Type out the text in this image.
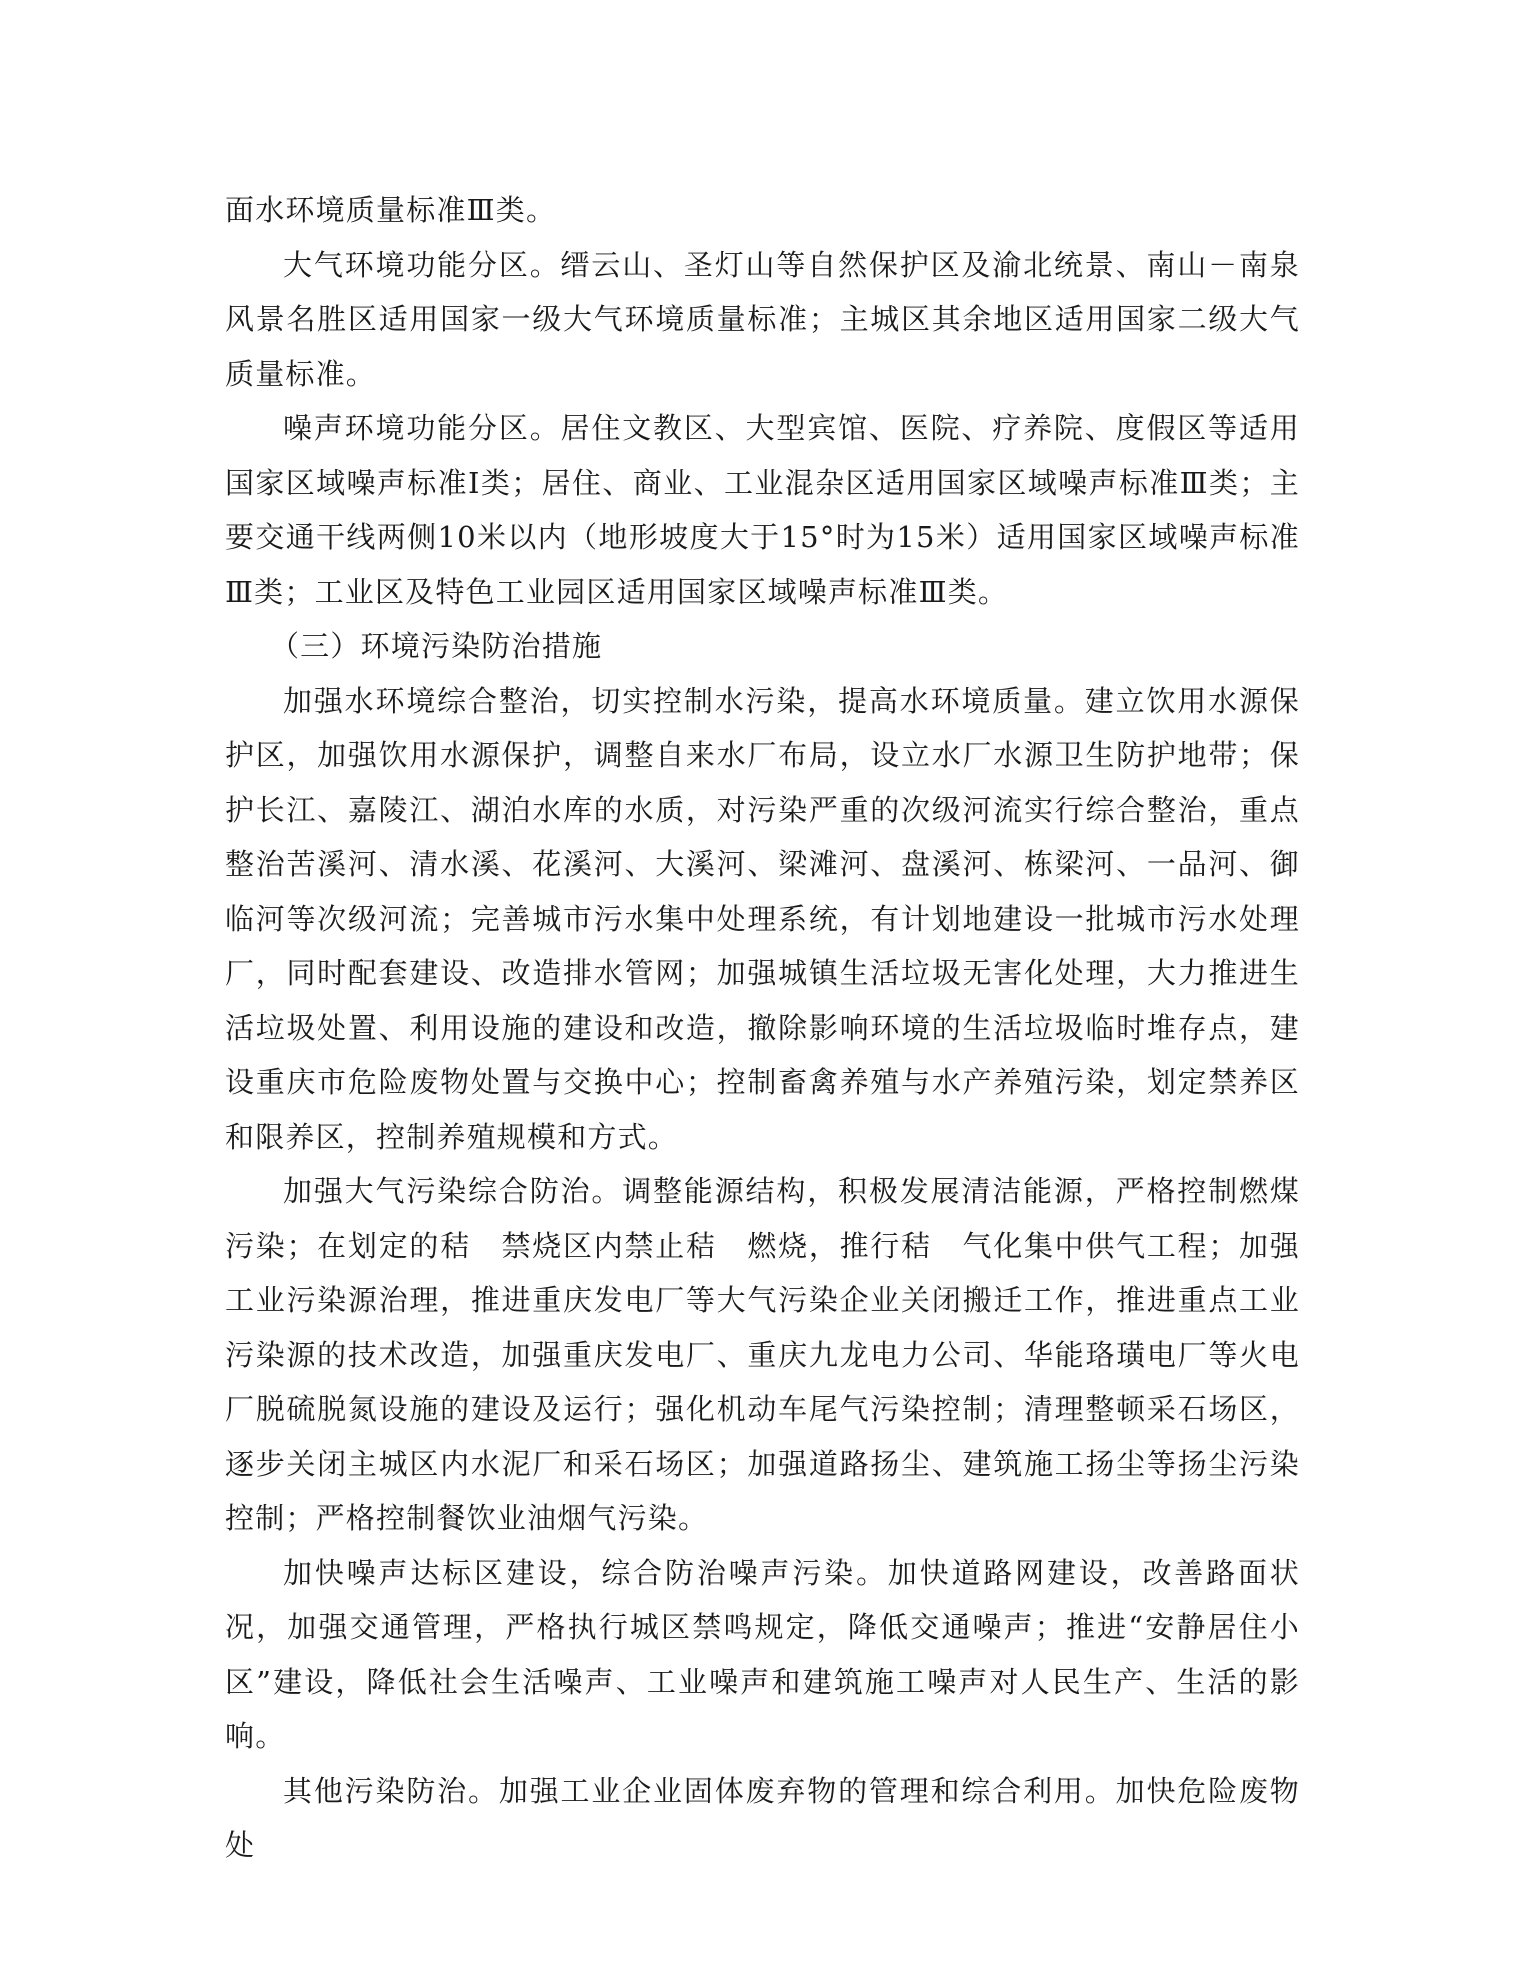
面水环境质量标准Ⅲ类。

大气环境功能分区。缙云山、圣灯山等自然保护区及渝北统景、南山－南泉风景名胜区适用国家一级大气环境质量标准；主城区其余地区适用国家二级大气质量标准。

噪声环境功能分区。居住文教区、大型宾馆、医院、疗养院、度假区等适用国家区域噪声标准Ⅰ类；居住、商业、工业混杂区适用国家区域噪声标准Ⅲ类；主要交通干线两侧10米以内（地形坡度大于15°时为15米）适用国家区域噪声标准Ⅲ类；工业区及特色工业园区适用国家区域噪声标准Ⅲ类。

（三）环境污染防治措施

加强水环境综合整治，切实控制水污染，提高水环境质量。建立饮用水源保护区，加强饮用水源保护，调整自来水厂布局，设立水厂水源卫生防护地带；保护长江、嘉陵江、湖泊水库的水质，对污染严重的次级河流实行综合整治，重点整治苦溪河、清水溪、花溪河、大溪河、梁滩河、盘溪河、栋梁河、一品河、御临河等次级河流；完善城市污水集中处理系统，有计划地建设一批城市污水处理厂，同时配套建设、改造排水管网；加强城镇生活垃圾无害化处理，大力推进生活垃圾处置、利用设施的建设和改造，撤除影响环境的生活垃圾临时堆存点，建设重庆市危险废物处置与交换中心；控制畜禽养殖与水产养殖污染，划定禁养区和限养区，控制养殖规模和方式。

加强大气污染综合防治。调整能源结构，积极发展清洁能源，严格控制燃煤污染；在划定的秸　禁烧区内禁止秸　燃烧，推行秸　气化集中供气工程；加强工业污染源治理，推进重庆发电厂等大气污染企业关闭搬迁工作，推进重点工业污染源的技术改造，加强重庆发电厂、重庆九龙电力公司、华能珞璜电厂等火电厂脱硫脱氮设施的建设及运行；强化机动车尾气污染控制；清理整顿采石场区，逐步关闭主城区内水泥厂和采石场区；加强道路扬尘、建筑施工扬尘等扬尘污染控制；严格控制餐饮业油烟气污染。

加快噪声达标区建设，综合防治噪声污染。加快道路网建设，改善路面状况，加强交通管理，严格执行城区禁鸣规定，降低交通噪声；推进“安静居住小区”建设，降低社会生活噪声、工业噪声和建筑施工噪声对人民生产、生活的影响。

其他污染防治。加强工业企业固体废弃物的管理和综合利用。加快危险废物处
